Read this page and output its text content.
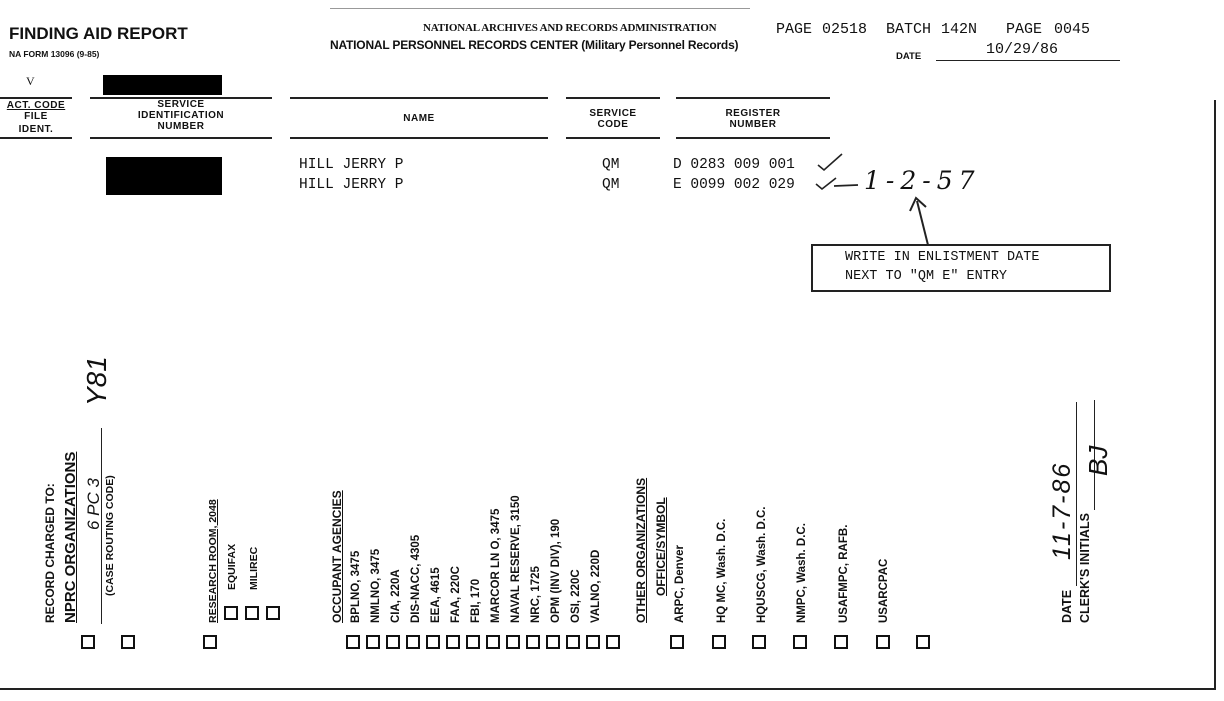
FINDING AID REPORT
NA FORM 13096 (9-85)
NATIONAL ARCHIVES AND RECORDS ADMINISTRATION
NATIONAL PERSONNEL RECORDS CENTER (Military Personnel Records)
PAGE 02518 BATCH 142N PAGE 0045
DATE	10/29/86
V
ACT. CODE
FILE
IDENT.
SERVICE
IDENTIFICATION
NUMBER
NAME	SERVICE
CODE
REGISTER
NUMBER
HILL JERRY P	QM	D 0283 009 001
HILL JERRY P	QM	E 0099 002 029	1-2-57
WRITE IN ENLISTMENT DATE
NEXT TO "QM E" ENTRY
RECORD CHARGED TO: NPRC ORGANIZATIONS 6 PC 3
Y81
(CASE ROUTING CODE)	RESEARCH ROOM, 2048 EQUIFAX MILIREC	OCCUPANT AGENCIES BPLNO, 3475 NMLNO, 3475 CIA, 220A DIS-NACC, 4305 EEA, 4615 FAA, 220C FBI, 170 MARCOR LN O, 3475 NAVAL RESERVE, 3150 NRC, 1725 OPM (INV DIV), 190 OSI, 220C VALNO, 220D	OTHER ORGANIZATIONS OFFICE/SYMBOL ARPC, Denver	HQ MC, Wash. D.C. HQUSCG, Wash. D.C. NMPC, Wash. D.C.	USAFMPC, RAFB. USARCPAC	DATE CLERK'S INITIALS
11-7-86
BJ
